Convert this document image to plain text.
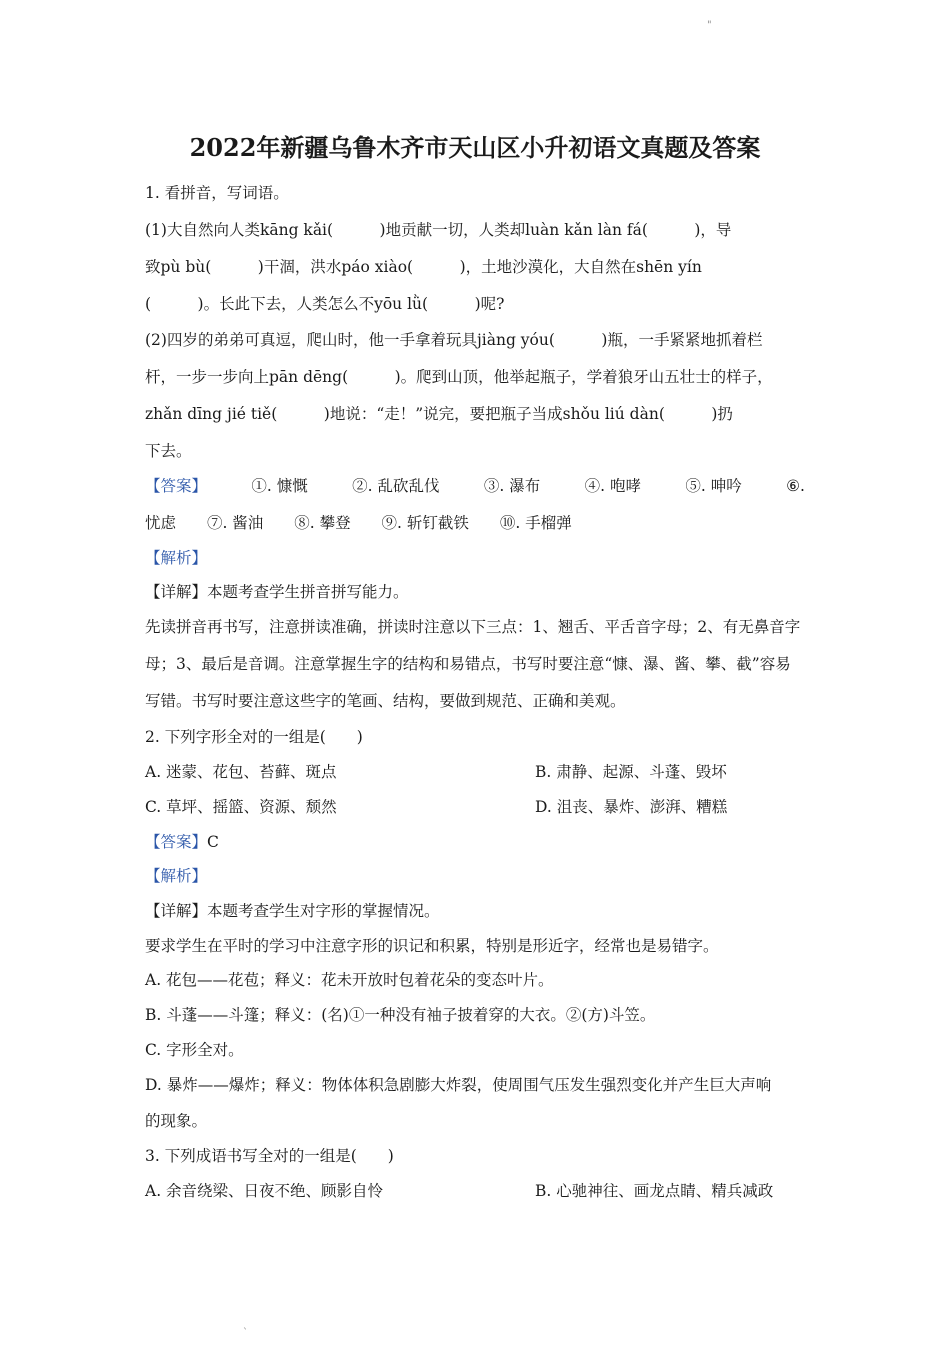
"
2022年新疆乌鲁木齐市天山区小升初语文真题及答案
1. 看拼音，写词语。
(1)大自然向人类kāng kǎi(　　　)地贡献一切，人类却luàn kǎn làn fá(　　　)，导
致pù bù(　　　)干涸，洪水páo xiào(　　　)，土地沙漠化，大自然在shēn yín
(　　　)。长此下去，人类怎么不yōu lǜ(　　　)呢?
(2)四岁的弟弟可真逗，爬山时，他一手拿着玩具jiàng yóu(　　　)瓶，一手紧紧地抓着栏
杆，一步一步向上pān dēng(　　　)。爬到山顶，他举起瓶子，学着狼牙山五壮士的样子，
zhǎn dīng jié tiě(　　　)地说：“走！”说完，要把瓶子当成shǒu liú dàn(　　　)扔
下去。
【答案】	①. 慷慨	②. 乱砍乱伐	③. 瀑布	④. 咆哮	⑤. 呻吟	⑥.
忧虑 ⑦. 酱油 ⑧. 攀登 ⑨. 斩钉截铁 ⑩. 手榴弹
【解析】
【详解】本题考查学生拼音拼写能力。
先读拼音再书写，注意拼读准确，拼读时注意以下三点：1、翘舌、平舌音字母；2、有无鼻音字
母；3、最后是音调。注意掌握生字的结构和易错点，书写时要注意“慷、瀑、酱、攀、截”容易
写错。书写时要注意这些字的笔画、结构，要做到规范、正确和美观。
2. 下列字形全对的一组是(　　)
A. 迷蒙、花包、苔藓、斑点	B. 肃静、起源、斗蓬、毁坏
C. 草坪、摇篮、资源、颓然	D. 沮丧、暴炸、澎湃、糟糕
【答案】C
【解析】
【详解】本题考查学生对字形的掌握情况。
要求学生在平时的学习中注意字形的识记和积累，特别是形近字，经常也是易错字。
A. 花包——花苞；释义：花未开放时包着花朵的变态叶片。
B. 斗蓬——斗篷；释义：(名)①一种没有袖子披着穿的大衣。②(方)斗笠。
C. 字形全对。
D. 暴炸——爆炸；释义：物体体积急剧膨大炸裂，使周围气压发生强烈变化并产生巨大声响
的现象。
3. 下列成语书写全对的一组是(　　)
A. 余音绕梁、日夜不绝、顾影自怜	B. 心驰神往、画龙点睛、精兵减政
`
